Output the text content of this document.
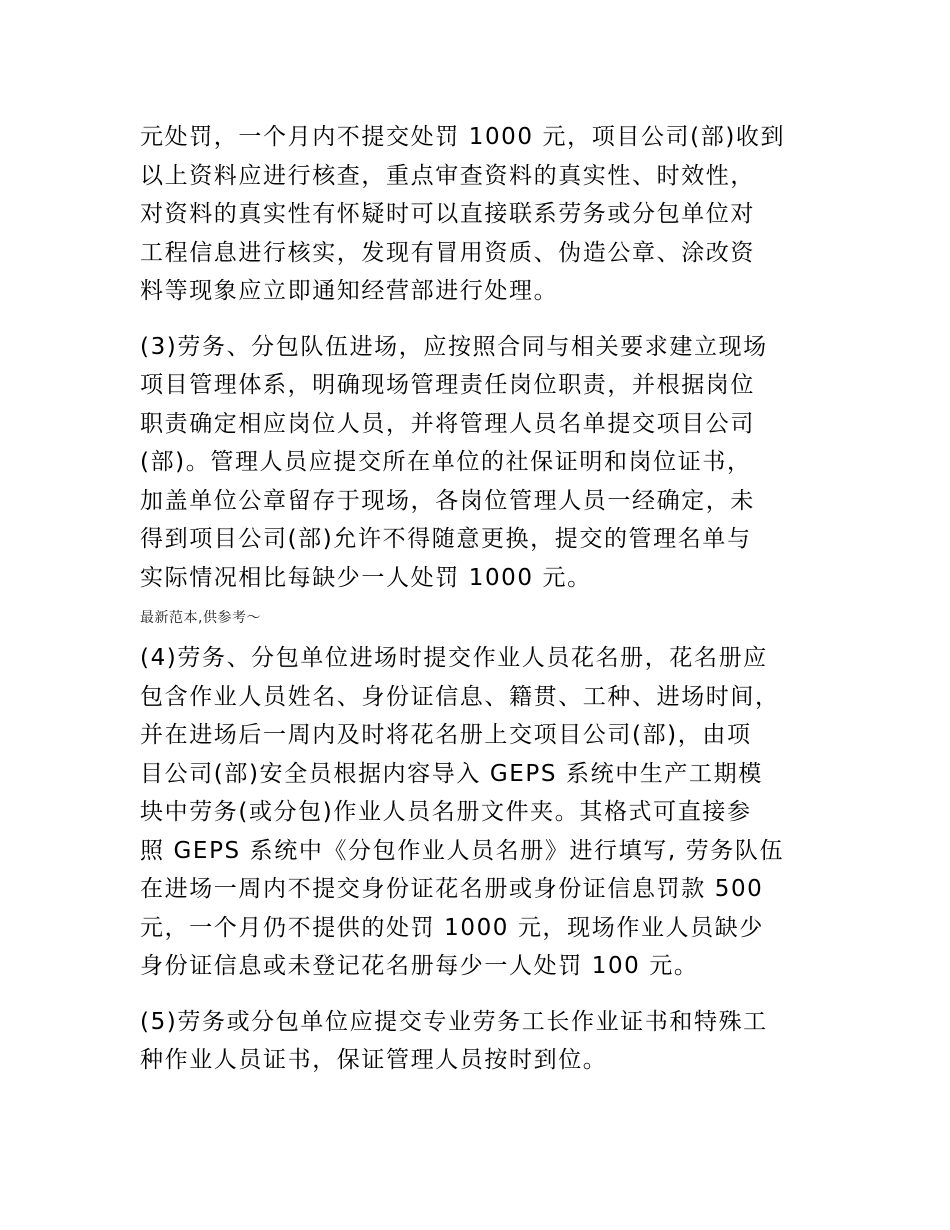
元处罚，一个月内不提交处罚 1000 元，项目公司(部)收到
以上资料应进行核查，重点审查资料的真实性、时效性，
对资料的真实性有怀疑时可以直接联系劳务或分包单位对
工程信息进行核实，发现有冒用资质、伪造公章、涂改资
料等现象应立即通知经营部进行处理。

(3)劳务、分包队伍进场，应按照合同与相关要求建立现场
项目管理体系，明确现场管理责任岗位职责，并根据岗位
职责确定相应岗位人员，并将管理人员名单提交项目公司
(部)。管理人员应提交所在单位的社保证明和岗位证书，
加盖单位公章留存于现场，各岗位管理人员一经确定，未
得到项目公司(部)允许不得随意更换，提交的管理名单与
实际情况相比每缺少一人处罚 1000 元。

最新范本,供参考～

(4)劳务、分包单位进场时提交作业人员花名册，花名册应
包含作业人员姓名、身份证信息、籍贯、工种、进场时间，
并在进场后一周内及时将花名册上交项目公司(部)，由项
目公司(部)安全员根据内容导入 GEPS 系统中生产工期模
块中劳务(或分包)作业人员名册文件夹。其格式可直接参
照 GEPS 系统中《分包作业人员名册》进行填写, 劳务队伍
在进场一周内不提交身份证花名册或身份证信息罚款 500
元，一个月仍不提供的处罚 1000 元，现场作业人员缺少
身份证信息或未登记花名册每少一人处罚 100 元。

(5)劳务或分包单位应提交专业劳务工长作业证书和特殊工
种作业人员证书，保证管理人员按时到位。
